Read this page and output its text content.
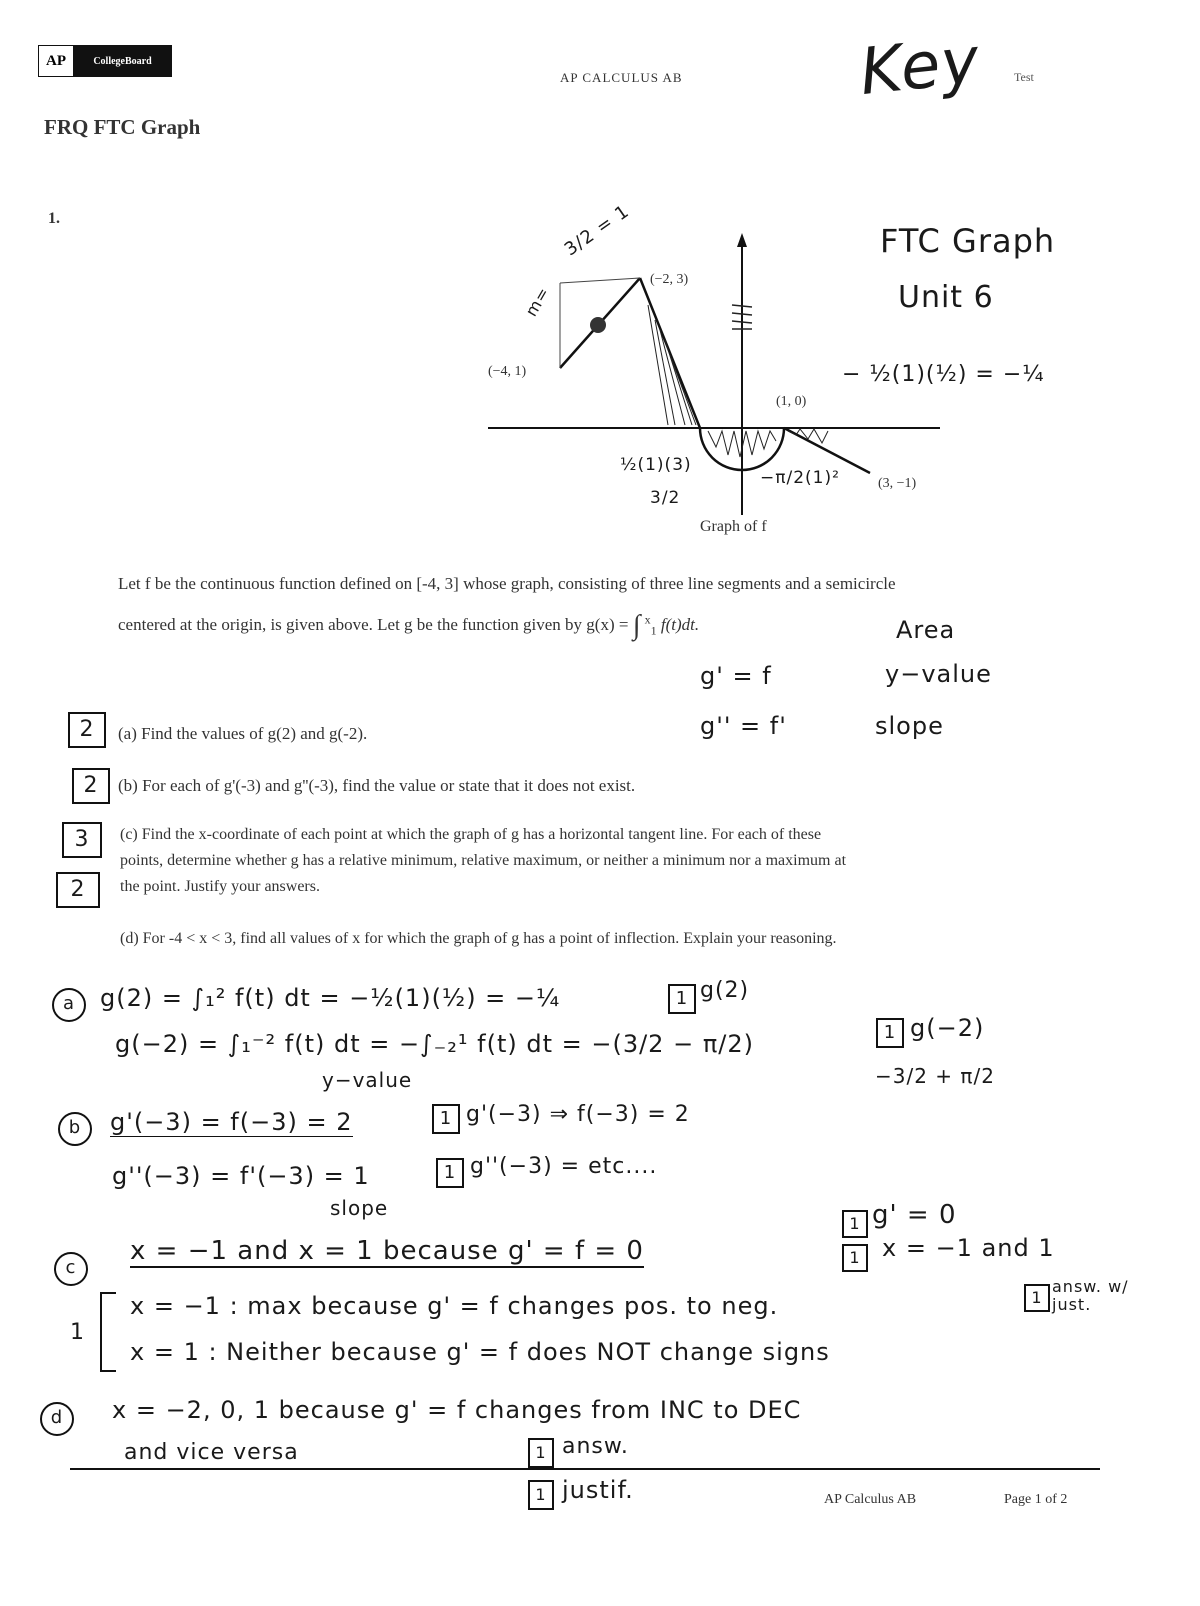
AP	CollegeBoard
AP CALCULUS AB	Key	Test
FRQ FTC Graph
1.
(−4, 1)
(−2, 3)
(1, 0)
(3, −1)
Graph of f
3/2 = 1
m=
½(1)(3)
3/2
−π/2(1)²
FTC Graph
Unit 6
− ½(1)(½) = −¼
Let f be the continuous function defined on [-4, 3] whose graph, consisting of three line segments and a semicircle
centered at the origin, is given above. Let g be the function given by g(x) = ∫ $^x_1$ f(t)dt.	Area
g' = f	y−value
g'' = f'	slope
2	(a) Find the values of g(2) and g(-2).
2	(b) For each of g'(-3) and g''(-3), find the value or state that it does not exist.
3
2
(c) Find the x-coordinate of each point at which the graph of g has a horizontal tangent line. For each of these
points, determine whether g has a relative minimum, relative maximum, or neither a minimum nor a maximum at
the point. Justify your answers.
(d) For -4 < x < 3, find all values of x for which the graph of g has a point of inflection. Explain your reasoning.
a	g(2) = ∫₁² f(t) dt = −½(1)(½) = −¼	1 g(2)
g(−2) = ∫₁⁻² f(t) dt = −∫₋₂¹ f(t) dt = −(3/2 − π/2)	1 g(−2)
−3/2 + π/2
y−value
b	g'(−3) = f(−3) = 2	1 g'(−3) ⇒ f(−3) = 2
g''(−3) = f'(−3) = 1	1 g''(−3) = etc....
slope
1 g' = 0
1 x = −1 and 1
c
x = −1 and x = 1 because g' = f = 0
1
x = −1 : max because g' = f changes pos. to neg.	1
answ. w/ just.
x = 1 : Neither because g' = f does NOT change signs
d	x = −2, 0, 1 because g' = f changes from INC to DEC
and vice versa	1 answ.
1 justif.	AP Calculus AB	Page 1 of 2
